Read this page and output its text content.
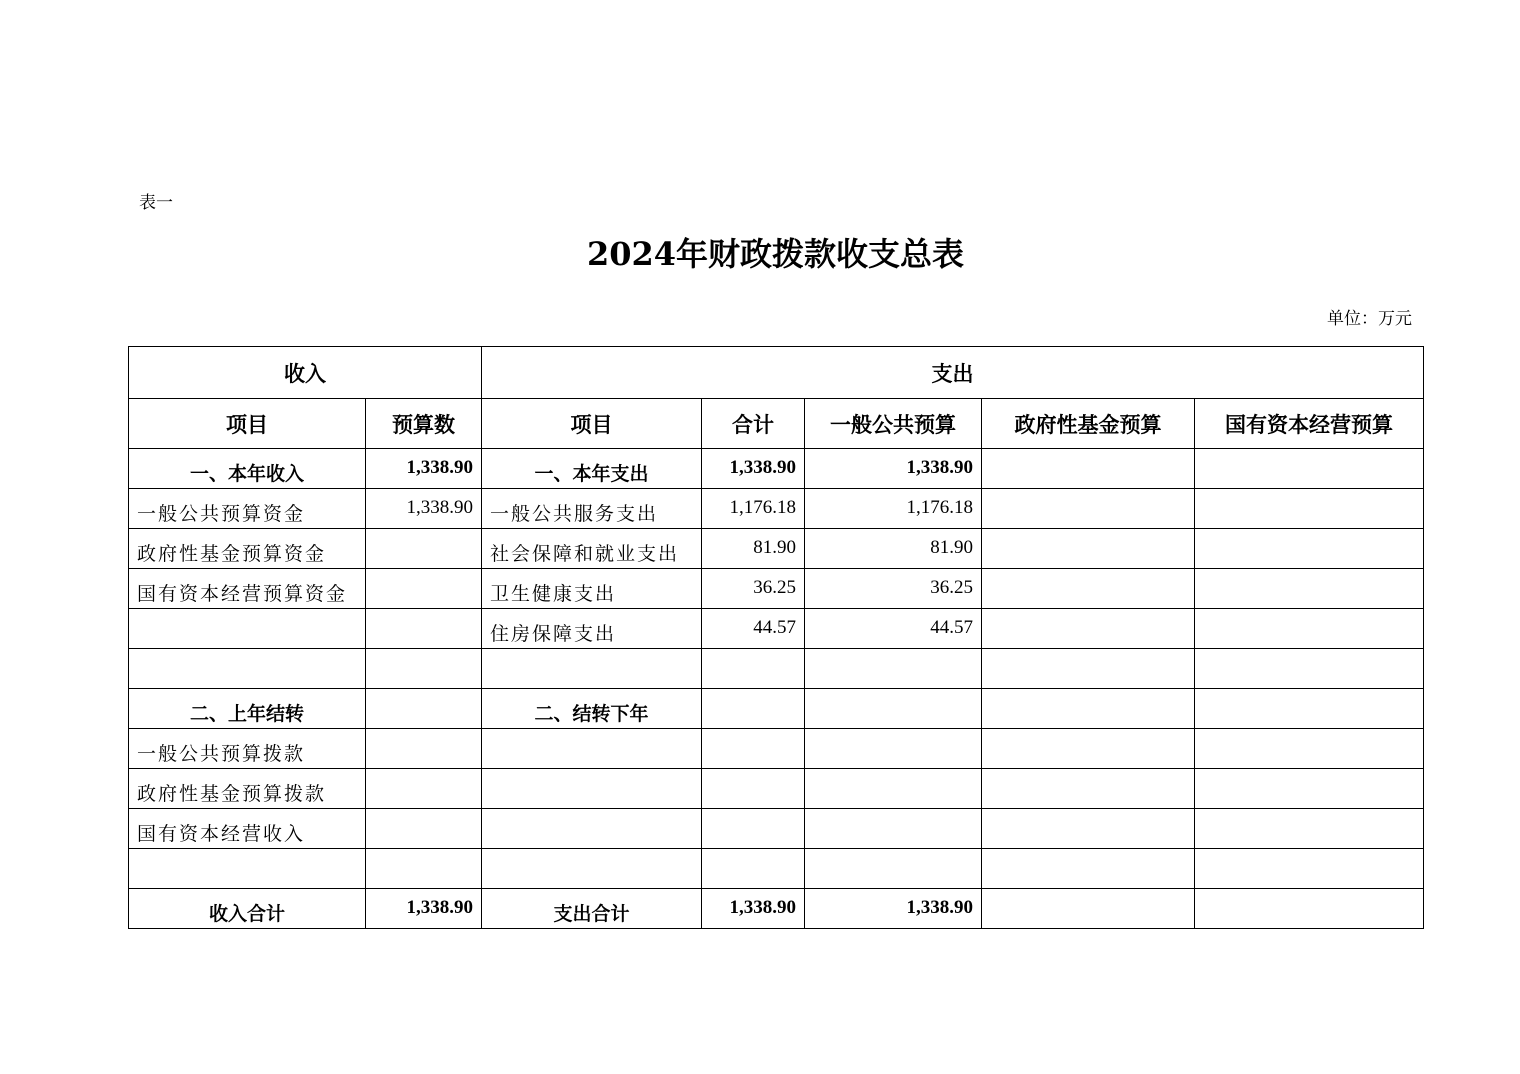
表一
2024年财政拨款收支总表
单位：万元
收入		支出				
项目	预算数	项目	合计	一般公共预算	政府性基金预算	国有资本经营预算
一、本年收入	1,338.90	一、本年支出	1,338.90	1,338.90		
一般公共预算资金	1,338.90	一般公共服务支出	1,176.18	1,176.18		
政府性基金预算资金		社会保障和就业支出	81.90	81.90		
国有资本经营预算资金		卫生健康支出	36.25	36.25		
		住房保障支出	44.57	44.57		

二、上年结转		二、结转下年				
一般公共预算拨款						
政府性基金预算拨款						
国有资本经营收入						

收入合计	1,338.90	支出合计	1,338.90	1,338.90		
